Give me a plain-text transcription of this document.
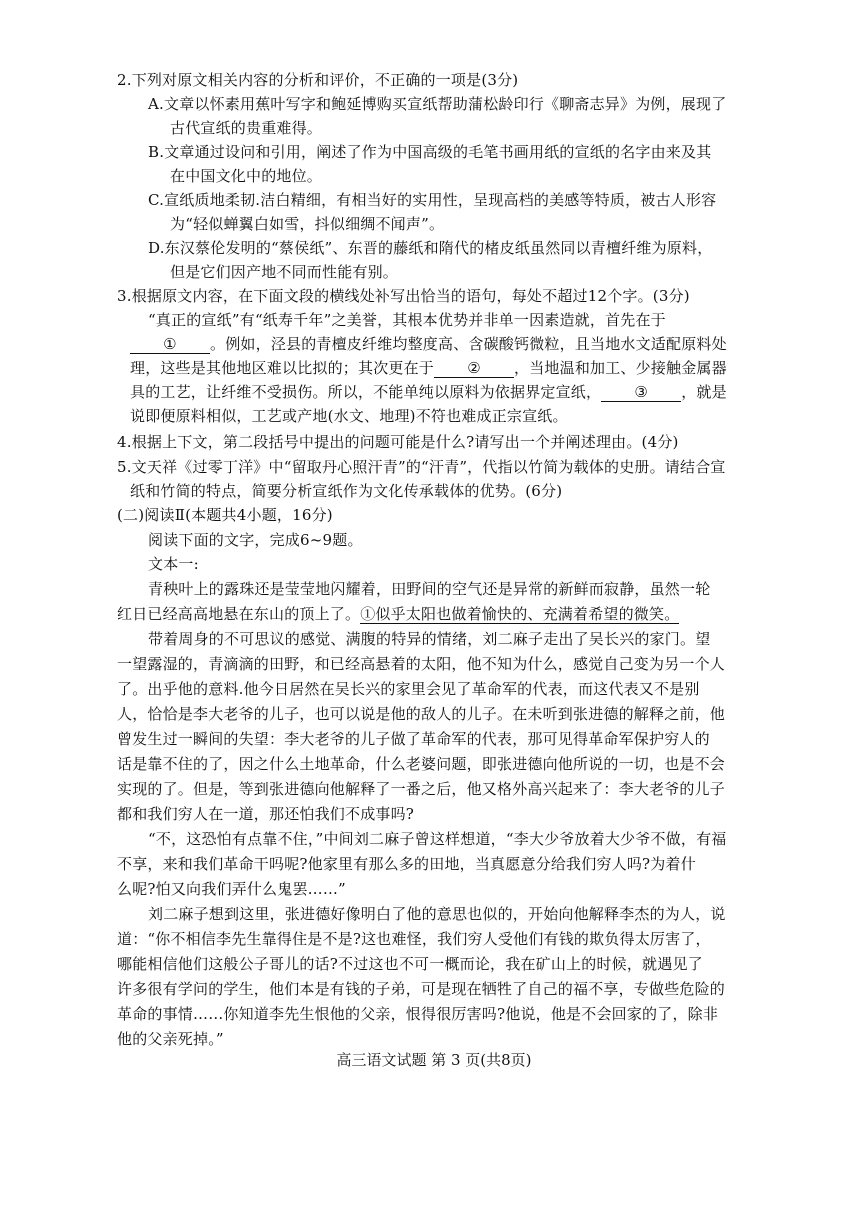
2.下列对原文相关内容的分析和评价，不正确的一项是(3分)
A.文章以怀素用蕉叶写字和鲍延博购买宣纸帮助蒲松龄印行《聊斋志异》为例，展现了
古代宣纸的贵重难得。
B.文章通过设问和引用，阐述了作为中国高级的毛笔书画用纸的宣纸的名字由来及其
在中国文化中的地位。
C.宣纸质地柔韧.洁白精细，有相当好的实用性，呈现高档的美感等特质，被古人形容
为“轻似蝉翼白如雪，抖似细绸不闻声”。
D.东汉蔡伦发明的“蔡侯纸”、东晋的藤纸和隋代的楮皮纸虽然同以青檀纤维为原料，
但是它们因产地不同而性能有别。
3.根据原文内容，在下面文段的横线处补写出恰当的语句，每处不超过12个字。(3分)
“真正的宣纸”有“纸寿千年”之美誉，其根本优势并非单一因素造就，首先在于
① 。例如，泾县的青檀皮纤维均整度高、含碳酸钙微粒，且当地水文适配原料处
理，这些是其他地区难以比拟的；其次更在于 ② ，当地温和加工、少接触金属器
具的工艺，让纤维不受损伤。所以，不能单纯以原料为依据界定宣纸， ③ ，就是
说即便原料相似，工艺或产地(水文、地理)不符也难成正宗宣纸。
4.根据上下文，第二段括号中提出的问题可能是什么?请写出一个并阐述理由。(4分)
5.文天祥《过零丁洋》中“留取丹心照汗青”的“汗青”，代指以竹简为载体的史册。请结合宣
纸和竹简的特点，简要分析宣纸作为文化传承载体的优势。(6分)
(二)阅读Ⅱ(本题共4小题，16分)
阅读下面的文字，完成6~9题。
文本一:
青秧叶上的露珠还是莹莹地闪耀着，田野间的空气还是异常的新鲜而寂静，虽然一轮
红日已经高高地悬在东山的顶上了。①似乎太阳也做着愉快的、充满着希望的微笑。
带着周身的不可思议的感觉、满腹的特异的情绪，刘二麻子走出了吴长兴的家门。望
一望露湿的，青滴滴的田野，和已经高悬着的太阳，他不知为什么，感觉自己变为另一个人
了。出乎他的意料.他今日居然在吴长兴的家里会见了革命军的代表，而这代表又不是别
人，恰恰是李大老爷的儿子，也可以说是他的敌人的儿子。在未听到张进德的解释之前，他
曾发生过一瞬间的失望：李大老爷的儿子做了革命军的代表，那可见得革命军保护穷人的
话是靠不住的了，因之什么土地革命，什么老婆问题，即张进德向他所说的一切，也是不会
实现的了。但是，等到张进德向他解释了一番之后，他又格外高兴起来了：李大老爷的儿子
都和我们穷人在一道，那还怕我们不成事吗?
“不，这恐怕有点靠不住，”中间刘二麻子曾这样想道，“李大少爷放着大少爷不做，有福
不享，来和我们革命干吗呢?他家里有那么多的田地，当真愿意分给我们穷人吗?为着什
么呢?怕又向我们弄什么鬼罢……”
刘二麻子想到这里，张进德好像明白了他的意思也似的，开始向他解释李杰的为人，说
道：“你不相信李先生靠得住是不是?这也难怪，我们穷人受他们有钱的欺负得太厉害了，
哪能相信他们这般公子哥儿的话?不过这也不可一概而论，我在矿山上的时候，就遇见了
许多很有学问的学生，他们本是有钱的子弟，可是现在牺牲了自己的福不享，专做些危险的
革命的事情……你知道李先生恨他的父亲，恨得很厉害吗?他说，他是不会回家的了，除非
他的父亲死掉。”
高三语文试题 第 3 页(共8页)
